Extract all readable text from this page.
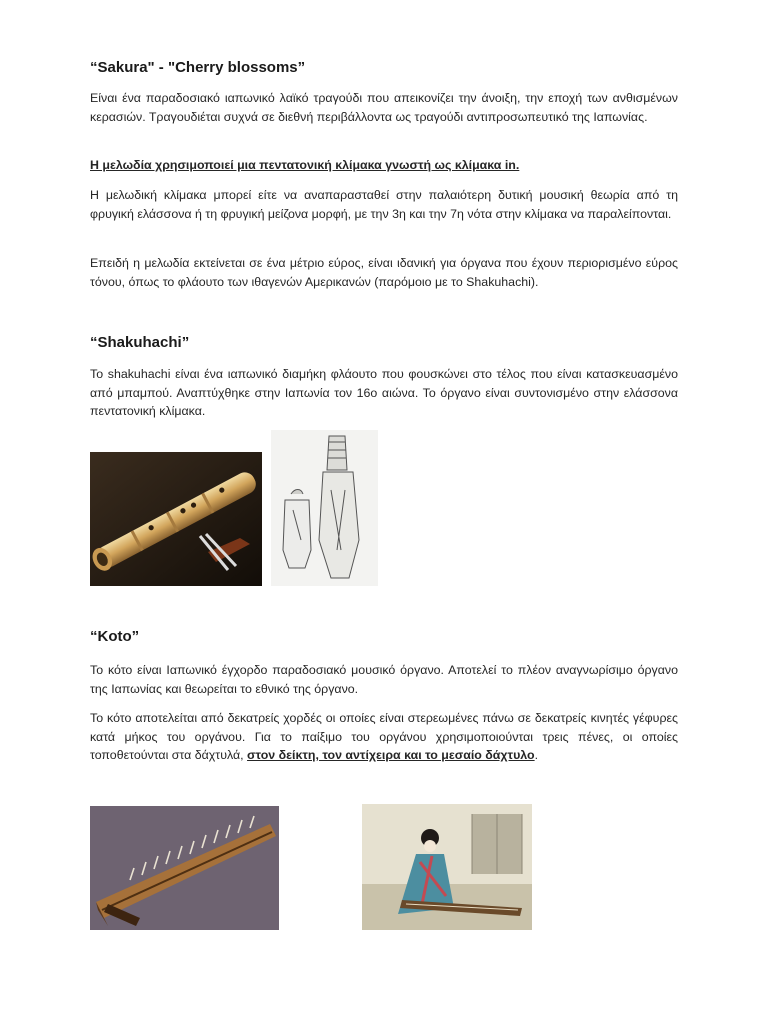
“Sakura" - "Cherry blossoms”

Είναι ένα παραδοσιακό ιαπωνικό λαϊκό τραγούδι που απεικονίζει την άνοιξη, την εποχή των ανθισμένων κερασιών. Τραγουδιέται συχνά σε διεθνή περιβάλλοντα ως τραγούδι αντιπροσωπευτικό της Ιαπωνίας.

Η μελωδία χρησιμοποιεί μια πεντατονική κλίμακα γνωστή ως κλίμακα in.

Η μελωδική κλίμακα μπορεί είτε να αναπαρασταθεί στην παλαιότερη δυτική μουσική θεωρία από τη φρυγική ελάσσονα ή τη φρυγική μείζονα μορφή, με την 3η και την 7η νότα στην κλίμακα να παραλείπονται.

Επειδή η μελωδία εκτείνεται σε ένα μέτριο εύρος, είναι ιδανική για όργανα που έχουν περιορισμένο εύρος τόνου, όπως το φλάουτο των ιθαγενών Αμερικανών (παρόμοιο με το Shakuhachi).

“Shakuhachi”

Το shakuhachi είναι ένα ιαπωνικό διαμήκη φλάουτο που φουσκώνει στο τέλος που είναι κατασκευασμένο από μπαμπού. Αναπτύχθηκε στην Ιαπωνία τον 16ο αιώνα. Το όργανο είναι συντονισμένο στην ελάσσονα πεντατονική κλίμακα.

“Koto”

Το κότο είναι Ιαπωνικό έγχορδο παραδοσιακό μουσικό όργανο. Αποτελεί το πλέον αναγνωρίσιμο όργανο της Ιαπωνίας και θεωρείται το εθνικό της όργανο.

Το κότο αποτελείται από δεκατρείς χορδές οι οποίες είναι στερεωμένες πάνω σε δεκατρείς κινητές γέφυρες κατά μήκος του οργάνου. Για το παίξιμο του οργάνου χρησιμοποιούνται τρεις πένες, οι οποίες τοποθετούνται στα δάχτυλά, στον δείκτη, τον αντίχειρα και το μεσαίο δάχτυλο.
